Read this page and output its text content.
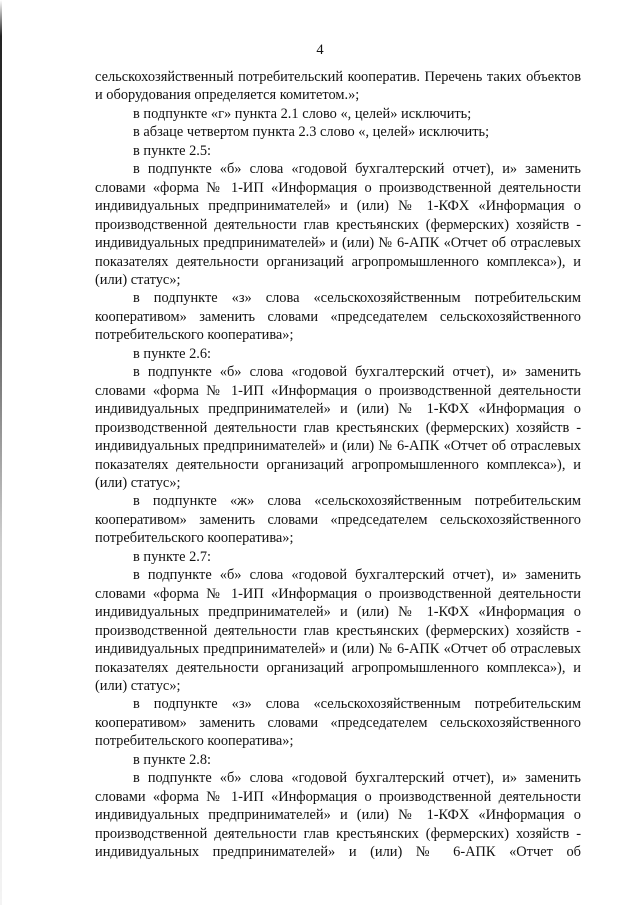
4

сельскохозяйственный потребительский кооператив. Перечень таких объектов и оборудования определяется комитетом.»;

в подпункте «г» пункта 2.1 слово «, целей» исключить;

в абзаце четвертом пункта 2.3 слово «, целей» исключить;

в пункте 2.5:

в подпункте «б» слова «годовой бухгалтерский отчет), и» заменить словами «форма № 1-ИП «Информация о производственной деятельности индивидуальных предпринимателей» и (или) № 1-КФХ «Информация о производственной деятельности глав крестьянских (фермерских) хозяйств - индивидуальных предпринимателей» и (или) № 6-АПК «Отчет об отраслевых показателях деятельности организаций агропромышленного комплекса»), и (или) статус»;

в подпункте «з» слова «сельскохозяйственным потребительским кооперативом» заменить словами «председателем сельскохозяйственного потребительского кооператива»;

в пункте 2.6:

в подпункте «б» слова «годовой бухгалтерский отчет), и» заменить словами «форма № 1-ИП «Информация о производственной деятельности индивидуальных предпринимателей» и (или) № 1-КФХ «Информация о производственной деятельности глав крестьянских (фермерских) хозяйств - индивидуальных предпринимателей» и (или) № 6-АПК «Отчет об отраслевых показателях деятельности организаций агропромышленного комплекса»), и (или) статус»;

в подпункте «ж» слова «сельскохозяйственным потребительским кооперативом» заменить словами «председателем сельскохозяйственного потребительского кооператива»;

в пункте 2.7:

в подпункте «б» слова «годовой бухгалтерский отчет), и» заменить словами «форма № 1-ИП «Информация о производственной деятельности индивидуальных предпринимателей» и (или) № 1-КФХ «Информация о производственной деятельности глав крестьянских (фермерских) хозяйств - индивидуальных предпринимателей» и (или) № 6-АПК «Отчет об отраслевых показателях деятельности организаций агропромышленного комплекса»), и (или) статус»;

в подпункте «з» слова «сельскохозяйственным потребительским кооперативом» заменить словами «председателем сельскохозяйственного потребительского кооператива»;

в пункте 2.8:

в подпункте «б» слова «годовой бухгалтерский отчет), и» заменить словами «форма № 1-ИП «Информация о производственной деятельности индивидуальных предпринимателей» и (или) № 1-КФХ «Информация о производственной деятельности глав крестьянских (фермерских) хозяйств - индивидуальных предпринимателей» и (или) № 6-АПК «Отчет об
